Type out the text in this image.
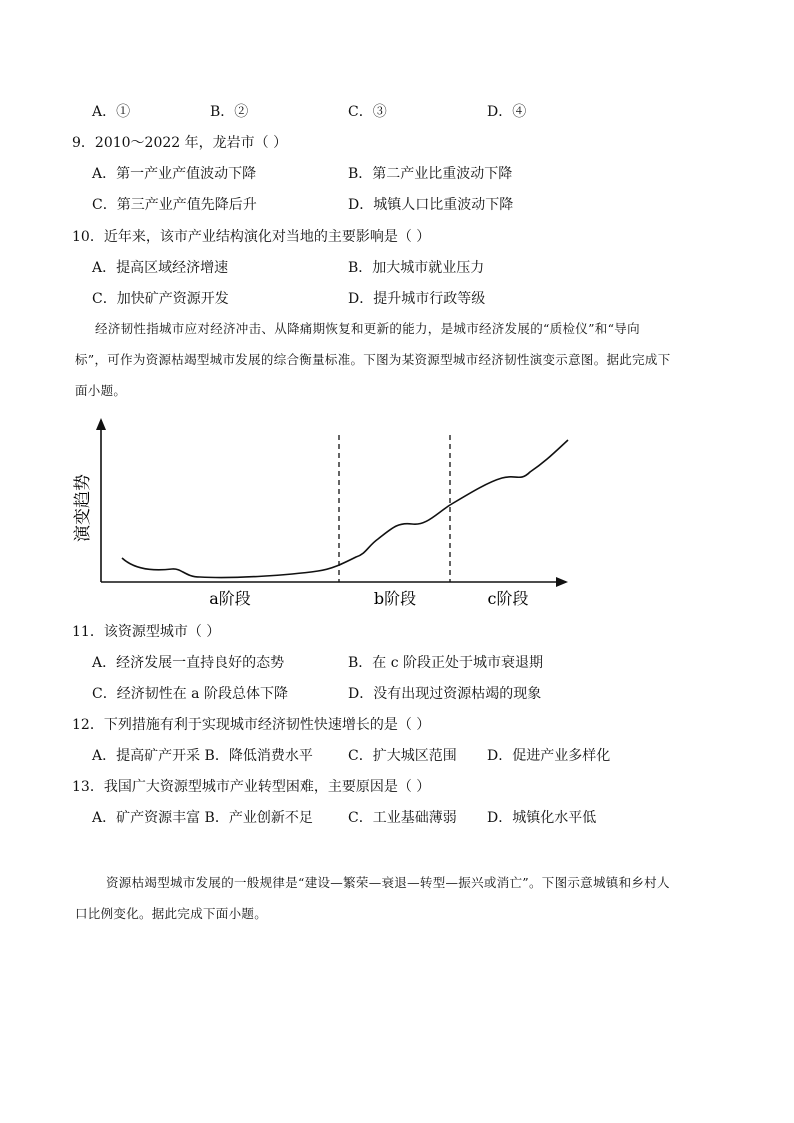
A．①	B．②	C．③	D．④
9．2010～2022 年，龙岩市（ ）
A．第一产业产值波动下降	B．第二产业比重波动下降
C．第三产业产值先降后升	D．城镇人口比重波动下降
10．近年来，该市产业结构演化对当地的主要影响是（ ）
A．提高区域经济增速	B．加大城市就业压力
C．加快矿产资源开发	D．提升城市行政等级
经济韧性指城市应对经济冲击、从降痛期恢复和更新的能力，是城市经济发展的“质检仪”和“导向
标”，可作为资源枯竭型城市发展的综合衡量标准。下图为某资源型城市经济韧性演变示意图。据此完成下
面小题。
演变趋势
a阶段	b阶段	c阶段
11．该资源型城市（ ）
A．经济发展一直持良好的态势	B．在 c 阶段正处于城市衰退期
C．经济韧性在 a 阶段总体下降	D．没有出现过资源枯竭的现象
12．下列措施有利于实现城市经济韧性快速增长的是（ ）
A．提高矿产开采 B．降低消费水平	C．扩大城区范围 D．促进产业多样化
13．我国广大资源型城市产业转型困难，主要原因是（ ）
A．矿产资源丰富 B．产业创新不足	C．工业基础薄弱 D．城镇化水平低
资源枯竭型城市发展的一般规律是“建设—繁荣—衰退—转型—振兴或消亡”。下图示意城镇和乡村人
口比例变化。据此完成下面小题。
